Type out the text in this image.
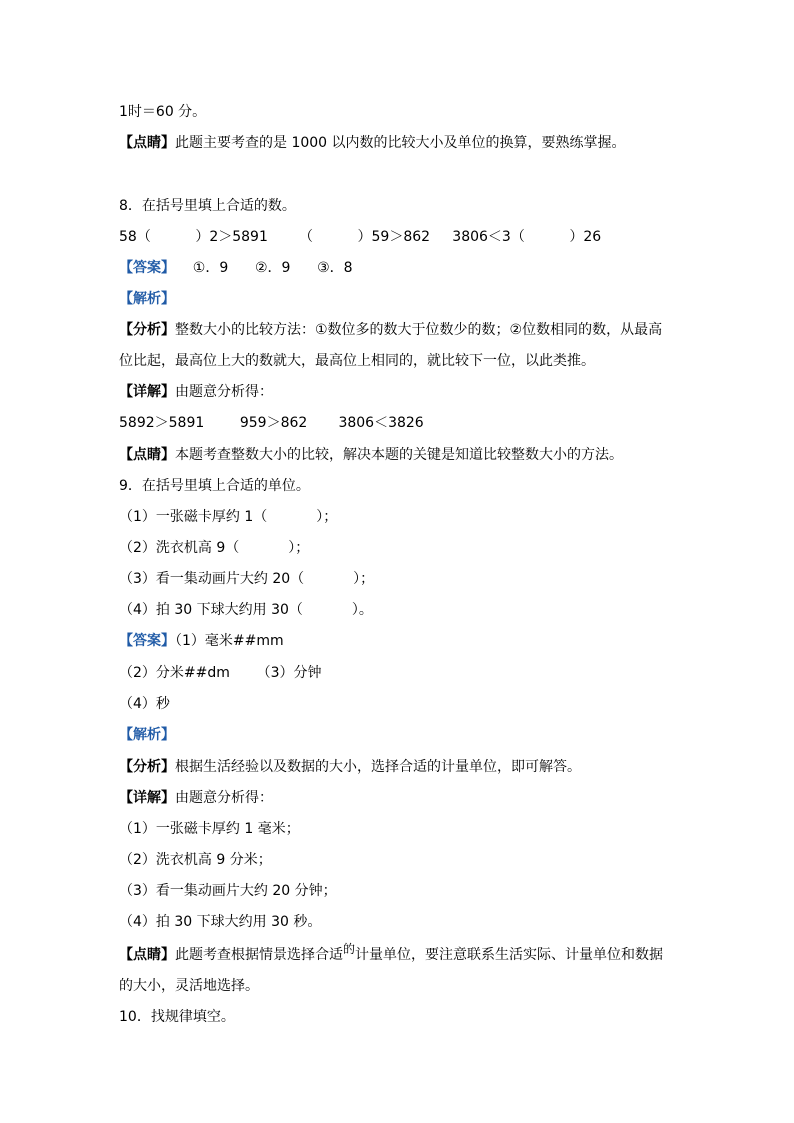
1时＝60 分。

【点睛】此题主要考查的是 1000 以内数的比较大小及单位的换算，要熟练掌握。

8．在括号里填上合适的数。

58（          ）2＞5891       （          ）59＞862     3806＜3（          ）26

【答案】    ①．9      ②．9      ③．8

【解析】

【分析】整数大小的比较方法：①数位多的数大于位数少的数；②位数相同的数，从最高

位比起，最高位上大的数就大，最高位上相同的，就比较下一位，以此类推。

【详解】由题意分析得：

5892＞5891        959＞862       3806＜3826

【点睛】本题考查整数大小的比较，解决本题的关键是知道比较整数大小的方法。

9．在括号里填上合适的单位。

（1）一张磁卡厚约 1（           ）；

（2）洗衣机高 9（           ）；

（3）看一集动画片大约 20（           ）；

（4）拍 30 下球大约用 30（           ）。

【答案】（1）毫米##mm

（2）分米##dm      （3）分钟

（4）秒

【解析】

【分析】根据生活经验以及数据的大小，选择合适的计量单位，即可解答。

【详解】由题意分析得：

（1）一张磁卡厚约 1 毫米；

（2）洗衣机高 9 分米；

（3）看一集动画片大约 20 分钟；

（4）拍 30 下球大约用 30 秒。

【点睛】此题考查根据情景选择合适的计量单位，要注意联系生活实际、计量单位和数据

的大小，灵活地选择。

10．找规律填空。
